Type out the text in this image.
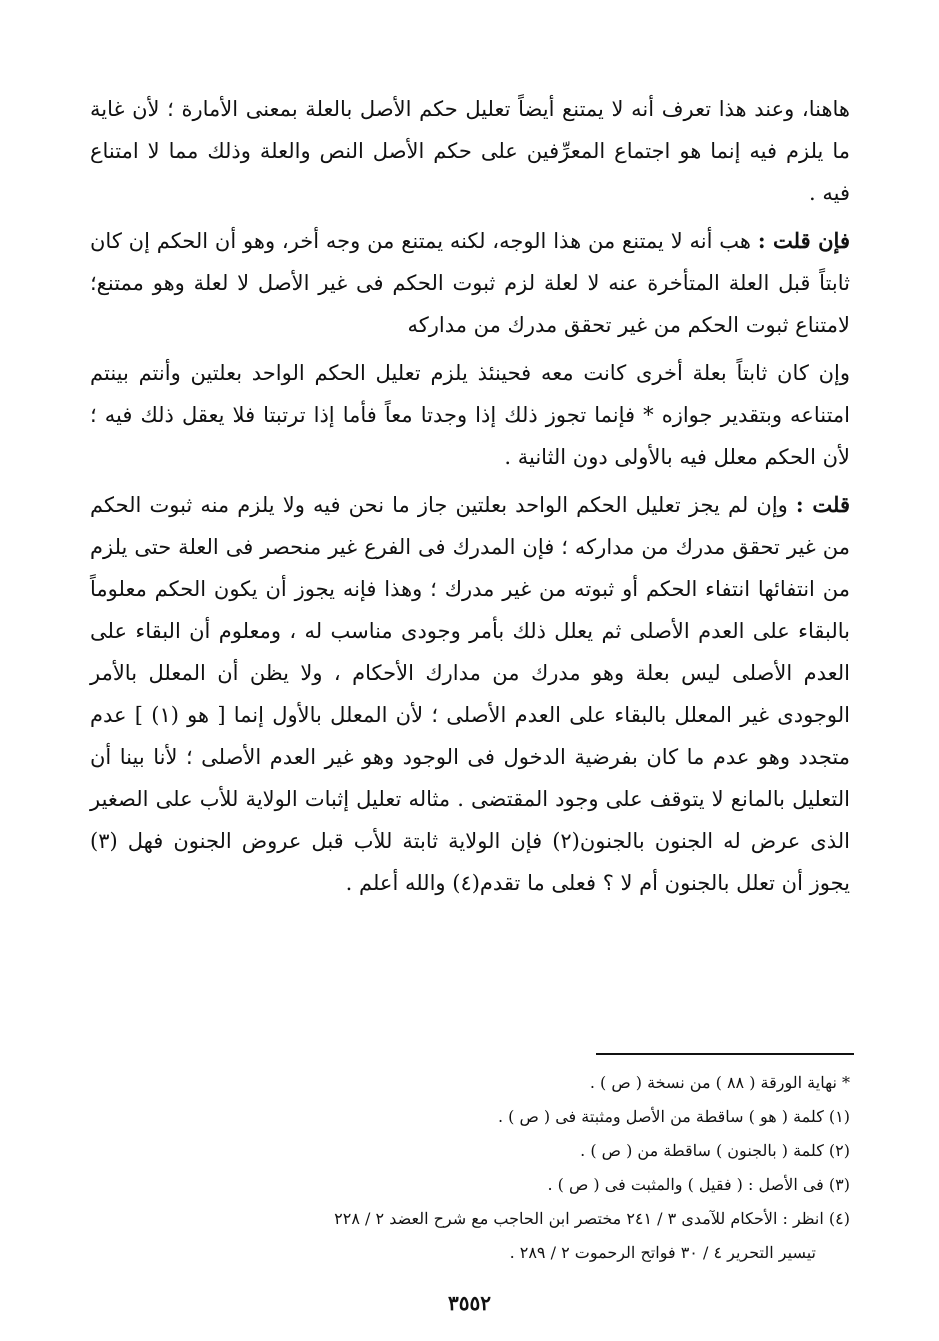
هاهنا، وعند هذا تعرف أنه لا يمتنع أيضاً تعليل حكم الأصل بالعلة بمعنى الأمارة ؛ لأن غاية ما يلزم فيه إنما هو اجتماع المعرِّفين على حكم الأصل النص والعلة وذلك مما لا امتناع فيه .

فإن قلت : هب أنه لا يمتنع من هذا الوجه، لكنه يمتنع من وجه أخر، وهو أن الحكم إن كان ثابتاً قبل العلة المتأخرة عنه لا لعلة لزم ثبوت الحكم فى غير الأصل لا لعلة وهو ممتنع؛ لامتناع ثبوت الحكم من غير تحقق مدرك من مداركه

وإن كان ثابتاً بعلة أخرى كانت معه فحينئذ يلزم تعليل الحكم الواحد بعلتين وأنتم بينتم امتناعه وبتقدير جوازه * فإنما تجوز ذلك إذا وجدتا معاً فأما إذا ترتبتا فلا يعقل ذلك فيه ؛ لأن الحكم معلل فيه بالأولى دون الثانية .

قلت : وإن لم يجز تعليل الحكم الواحد بعلتين جاز ما نحن فيه ولا يلزم منه ثبوت الحكم من غير تحقق مدرك من مداركه ؛ فإن المدرك فى الفرع غير منحصر فى العلة حتى يلزم من انتفائها انتفاء الحكم أو ثبوته من غير مدرك ؛ وهذا فإنه يجوز أن يكون الحكم معلوماً بالبقاء على العدم الأصلى ثم يعلل ذلك بأمر وجودى مناسب له ، ومعلوم أن البقاء على العدم الأصلى ليس بعلة وهو مدرك من مدارك الأحكام ، ولا يظن أن المعلل بالأمر الوجودى غير المعلل بالبقاء على العدم الأصلى ؛ لأن المعلل بالأول إنما [ هو (١) ] عدم متجدد وهو عدم ما كان بفرضية الدخول فى الوجود وهو غير العدم الأصلى ؛ لأنا بينا أن التعليل بالمانع لا يتوقف على وجود المقتضى . مثاله تعليل إثبات الولاية للأب على الصغير الذى عرض له الجنون بالجنون(٢) فإن الولاية ثابتة للأب قبل عروض الجنون فهل (٣) يجوز أن تعلل بالجنون أم لا ؟ فعلى ما تقدم(٤) والله أعلم .

* نهاية الورقة ( ٨٨ ) من نسخة ( ص ) .

(١) كلمة ( هو ) ساقطة من الأصل ومثبتة فى ( ص ) .

(٢) كلمة ( بالجنون ) ساقطة من ( ص ) .

(٣) فى الأصل : ( فقيل ) والمثبت فى ( ص ) .

(٤) انظر : الأحكام للآمدى ٣ / ٢٤١ مختصر ابن الحاجب مع شرح العضد ٢ / ٢٢٨

تيسير التحرير ٤ / ٣٠ فواتح الرحموت ٢ / ٢٨٩ .

٣٥٥٢
